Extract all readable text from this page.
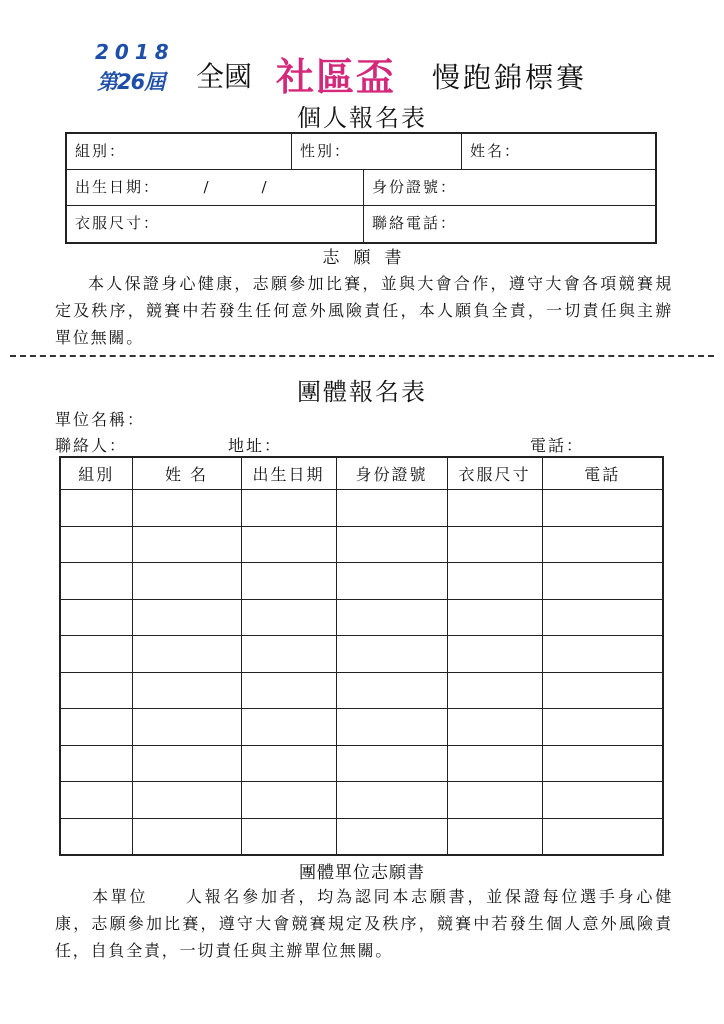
2018
第26屆 全國 社區盃 慢跑錦標賽
個人報名表
組別：	性別：	姓名：
出生日期：　　　/　　　/	身份證號：
衣服尺寸：	聯絡電話：
志願書
本人保證身心健康，志願參加比賽，並與大會合作，遵守大會各項競賽規定及秩序，競賽中若發生任何意外風險責任，本人願負全責，一切責任與主辦單位無關。
團體報名表
單位名稱：
聯絡人：	地址：	電話：
組別	姓 名	出生日期	身份證號	衣服尺寸	電話

團體單位志願書
本單位　　人報名參加者，均為認同本志願書，並保證每位選手身心健康，志願參加比賽，遵守大會競賽規定及秩序，競賽中若發生個人意外風險責任，自負全責，一切責任與主辦單位無關。
